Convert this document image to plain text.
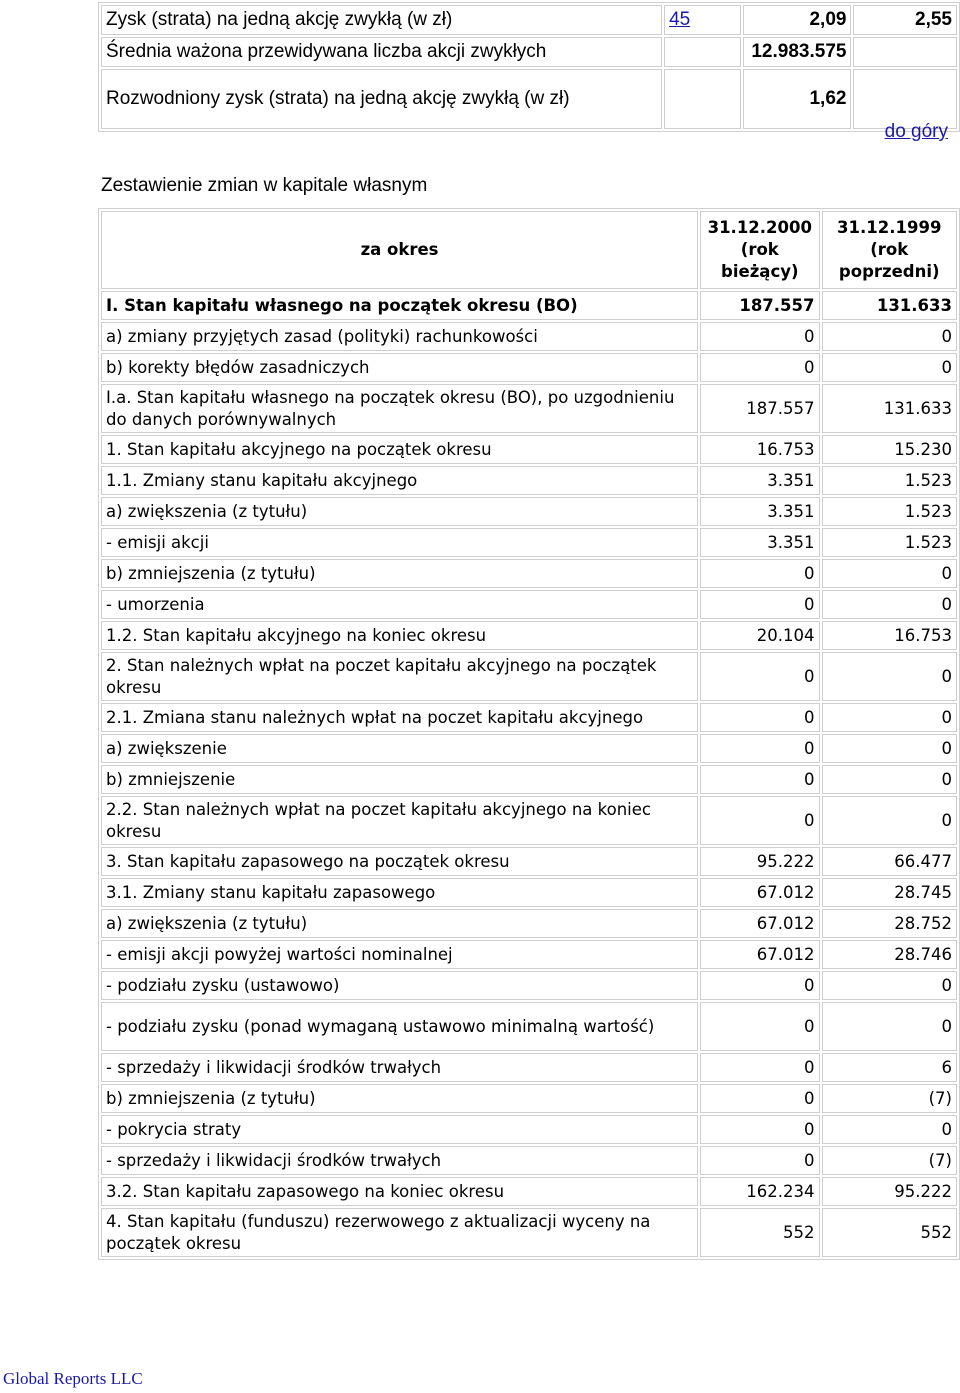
Zysk (strata) na jedną akcję zwykłą (w zł)	45	2,09	2,55
Średnia ważona przewidywana liczba akcji zwykłych		12.983.575	
Rozwodniony zysk (strata) na jedną akcję zwykłą (w zł)		1,62	
do góry
Zestawienie zmian w kapitale własnym
za okres	31.12.2000 (rok bieżący)	31.12.1999 (rok poprzedni)
I. Stan kapitału własnego na początek okresu (BO)	187.557	131.633
a) zmiany przyjętych zasad (polityki) rachunkowości	0	0
b) korekty błędów zasadniczych	0	0
I.a. Stan kapitału własnego na początek okresu (BO), po uzgodnieniu do danych porównywalnych	187.557	131.633
1. Stan kapitału akcyjnego na początek okresu	16.753	15.230
1.1. Zmiany stanu kapitału akcyjnego	3.351	1.523
a) zwiększenia (z tytułu)	3.351	1.523
- emisji akcji	3.351	1.523
b) zmniejszenia (z tytułu)	0	0
- umorzenia	0	0
1.2. Stan kapitału akcyjnego na koniec okresu	20.104	16.753
2. Stan należnych wpłat na poczet kapitału akcyjnego na początek okresu	0	0
2.1. Zmiana stanu należnych wpłat na poczet kapitału akcyjnego	0	0
a) zwiększenie	0	0
b) zmniejszenie	0	0
2.2. Stan należnych wpłat na poczet kapitału akcyjnego na koniec okresu	0	0
3. Stan kapitału zapasowego na początek okresu	95.222	66.477
3.1. Zmiany stanu kapitału zapasowego	67.012	28.745
a) zwiększenia (z tytułu)	67.012	28.752
- emisji akcji powyżej wartości nominalnej	67.012	28.746
- podziału zysku (ustawowo)	0	0
- podziału zysku (ponad wymaganą ustawowo minimalną wartość)	0	0
- sprzedaży i likwidacji środków trwałych	0	6
b) zmniejszenia (z tytułu)	0	(7)
- pokrycia straty	0	0
- sprzedaży i likwidacji środków trwałych	0	(7)
3.2. Stan kapitału zapasowego na koniec okresu	162.234	95.222
4. Stan kapitału (funduszu) rezerwowego z aktualizacji wyceny na początek okresu	552	552
Global Reports LLC
